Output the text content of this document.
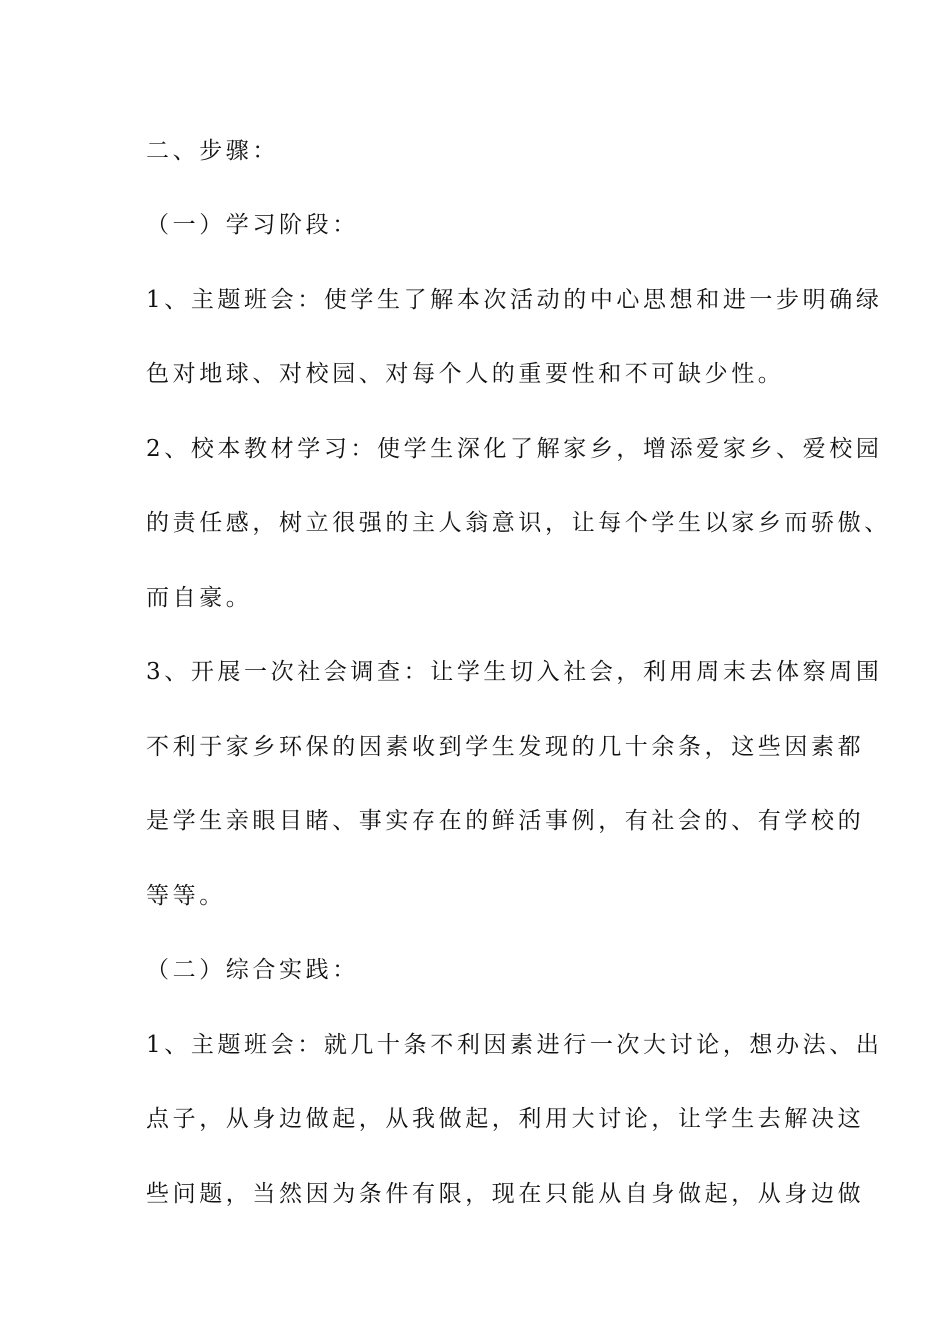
二、步骤：
（一）学习阶段：
1、主题班会：使学生了解本次活动的中心思想和进一步明确绿
色对地球、对校园、对每个人的重要性和不可缺少性。
2、校本教材学习：使学生深化了解家乡，增添爱家乡、爱校园
的责任感，树立很强的主人翁意识，让每个学生以家乡而骄傲、
而自豪。
3、开展一次社会调查：让学生切入社会，利用周末去体察周围
不利于家乡环保的因素收到学生发现的几十余条，这些因素都
是学生亲眼目睹、事实存在的鲜活事例，有社会的、有学校的
等等。
（二）综合实践：
1、主题班会：就几十条不利因素进行一次大讨论，想办法、出
点子，从身边做起，从我做起，利用大讨论，让学生去解决这
些问题，当然因为条件有限，现在只能从自身做起，从身边做
